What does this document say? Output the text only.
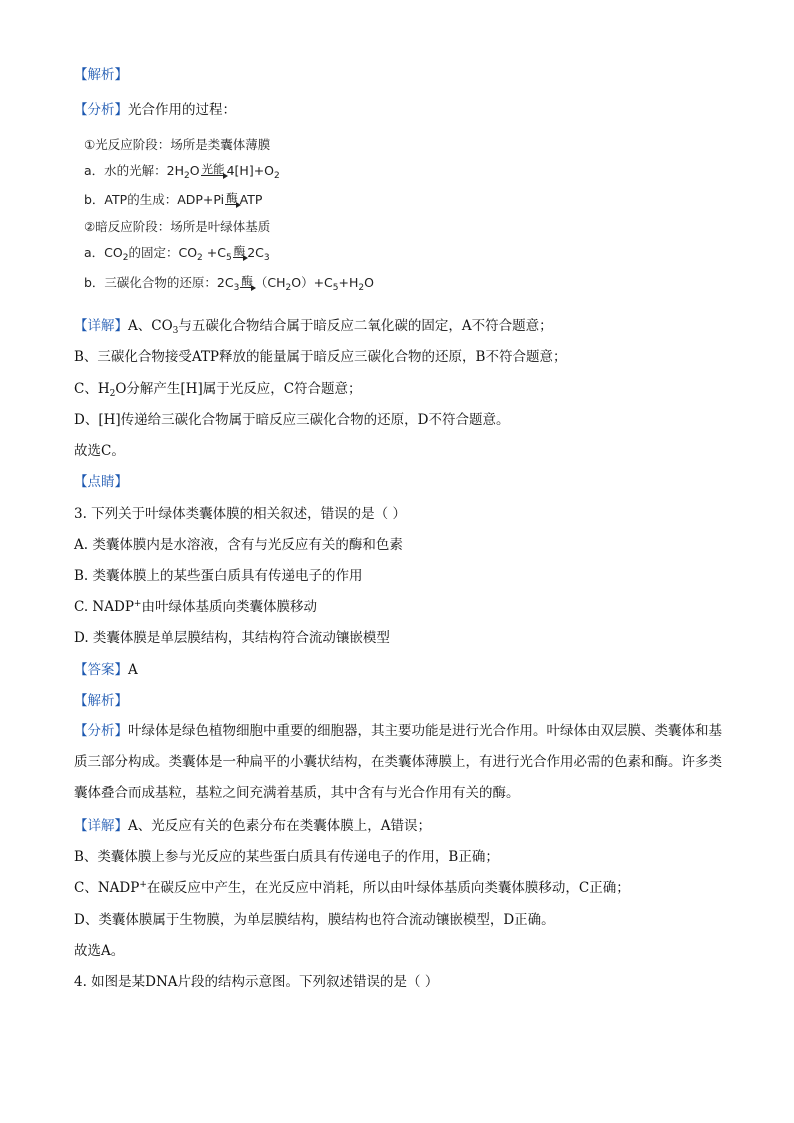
【解析】
【分析】光合作用的过程：
①光反应阶段：场所是类囊体薄膜
a．水的光解：$2H_2O$ 光能 $4[H]+O_2$
b．ATP的生成：ADP+Pi 酶 ATP
②暗反应阶段：场所是叶绿体基质
a．$CO_2$的固定：$CO_2 +C_5$ 酶 $2C_3$
b．三碳化合物的还原：$2C_3$ 酶 $(CH_2O)+C_5+H_2O$
【详解】A、$CO_3$与五碳化合物结合属于暗反应二氧化碳的固定，A不符合题意；
B、三碳化合物接受ATP释放的能量属于暗反应三碳化合物的还原，B不符合题意；
C、$H_2O$分解产生[H]属于光反应，C符合题意；
D、[H]传递给三碳化合物属于暗反应三碳化合物的还原，D不符合题意。
故选C。
【点睛】
3. 下列关于叶绿体类囊体膜的相关叙述，错误的是（ ）
A. 类囊体膜内是水溶液，含有与光反应有关的酶和色素
B. 类囊体膜上的某些蛋白质具有传递电子的作用
C. NADP+由叶绿体基质向类囊体膜移动
D. 类囊体膜是单层膜结构，其结构符合流动镶嵌模型
【答案】A
【解析】
【分析】叶绿体是绿色植物细胞中重要的细胞器，其主要功能是进行光合作用。叶绿体由双层膜、类囊体和基质三部分构成。类囊体是一种扁平的小囊状结构，在类囊体薄膜上，有进行光合作用必需的色素和酶。许多类囊体叠合而成基粒，基粒之间充满着基质，其中含有与光合作用有关的酶。
【详解】A、光反应有关的色素分布在类囊体膜上，A错误；
B、类囊体膜上参与光反应的某些蛋白质具有传递电子的作用，B正确；
C、NADP+在碳反应中产生，在光反应中消耗，所以由叶绿体基质向类囊体膜移动，C正确；
D、类囊体膜属于生物膜，为单层膜结构，膜结构也符合流动镶嵌模型，D正确。
故选A。
4. 如图是某DNA片段的结构示意图。下列叙述错误的是（ ）
